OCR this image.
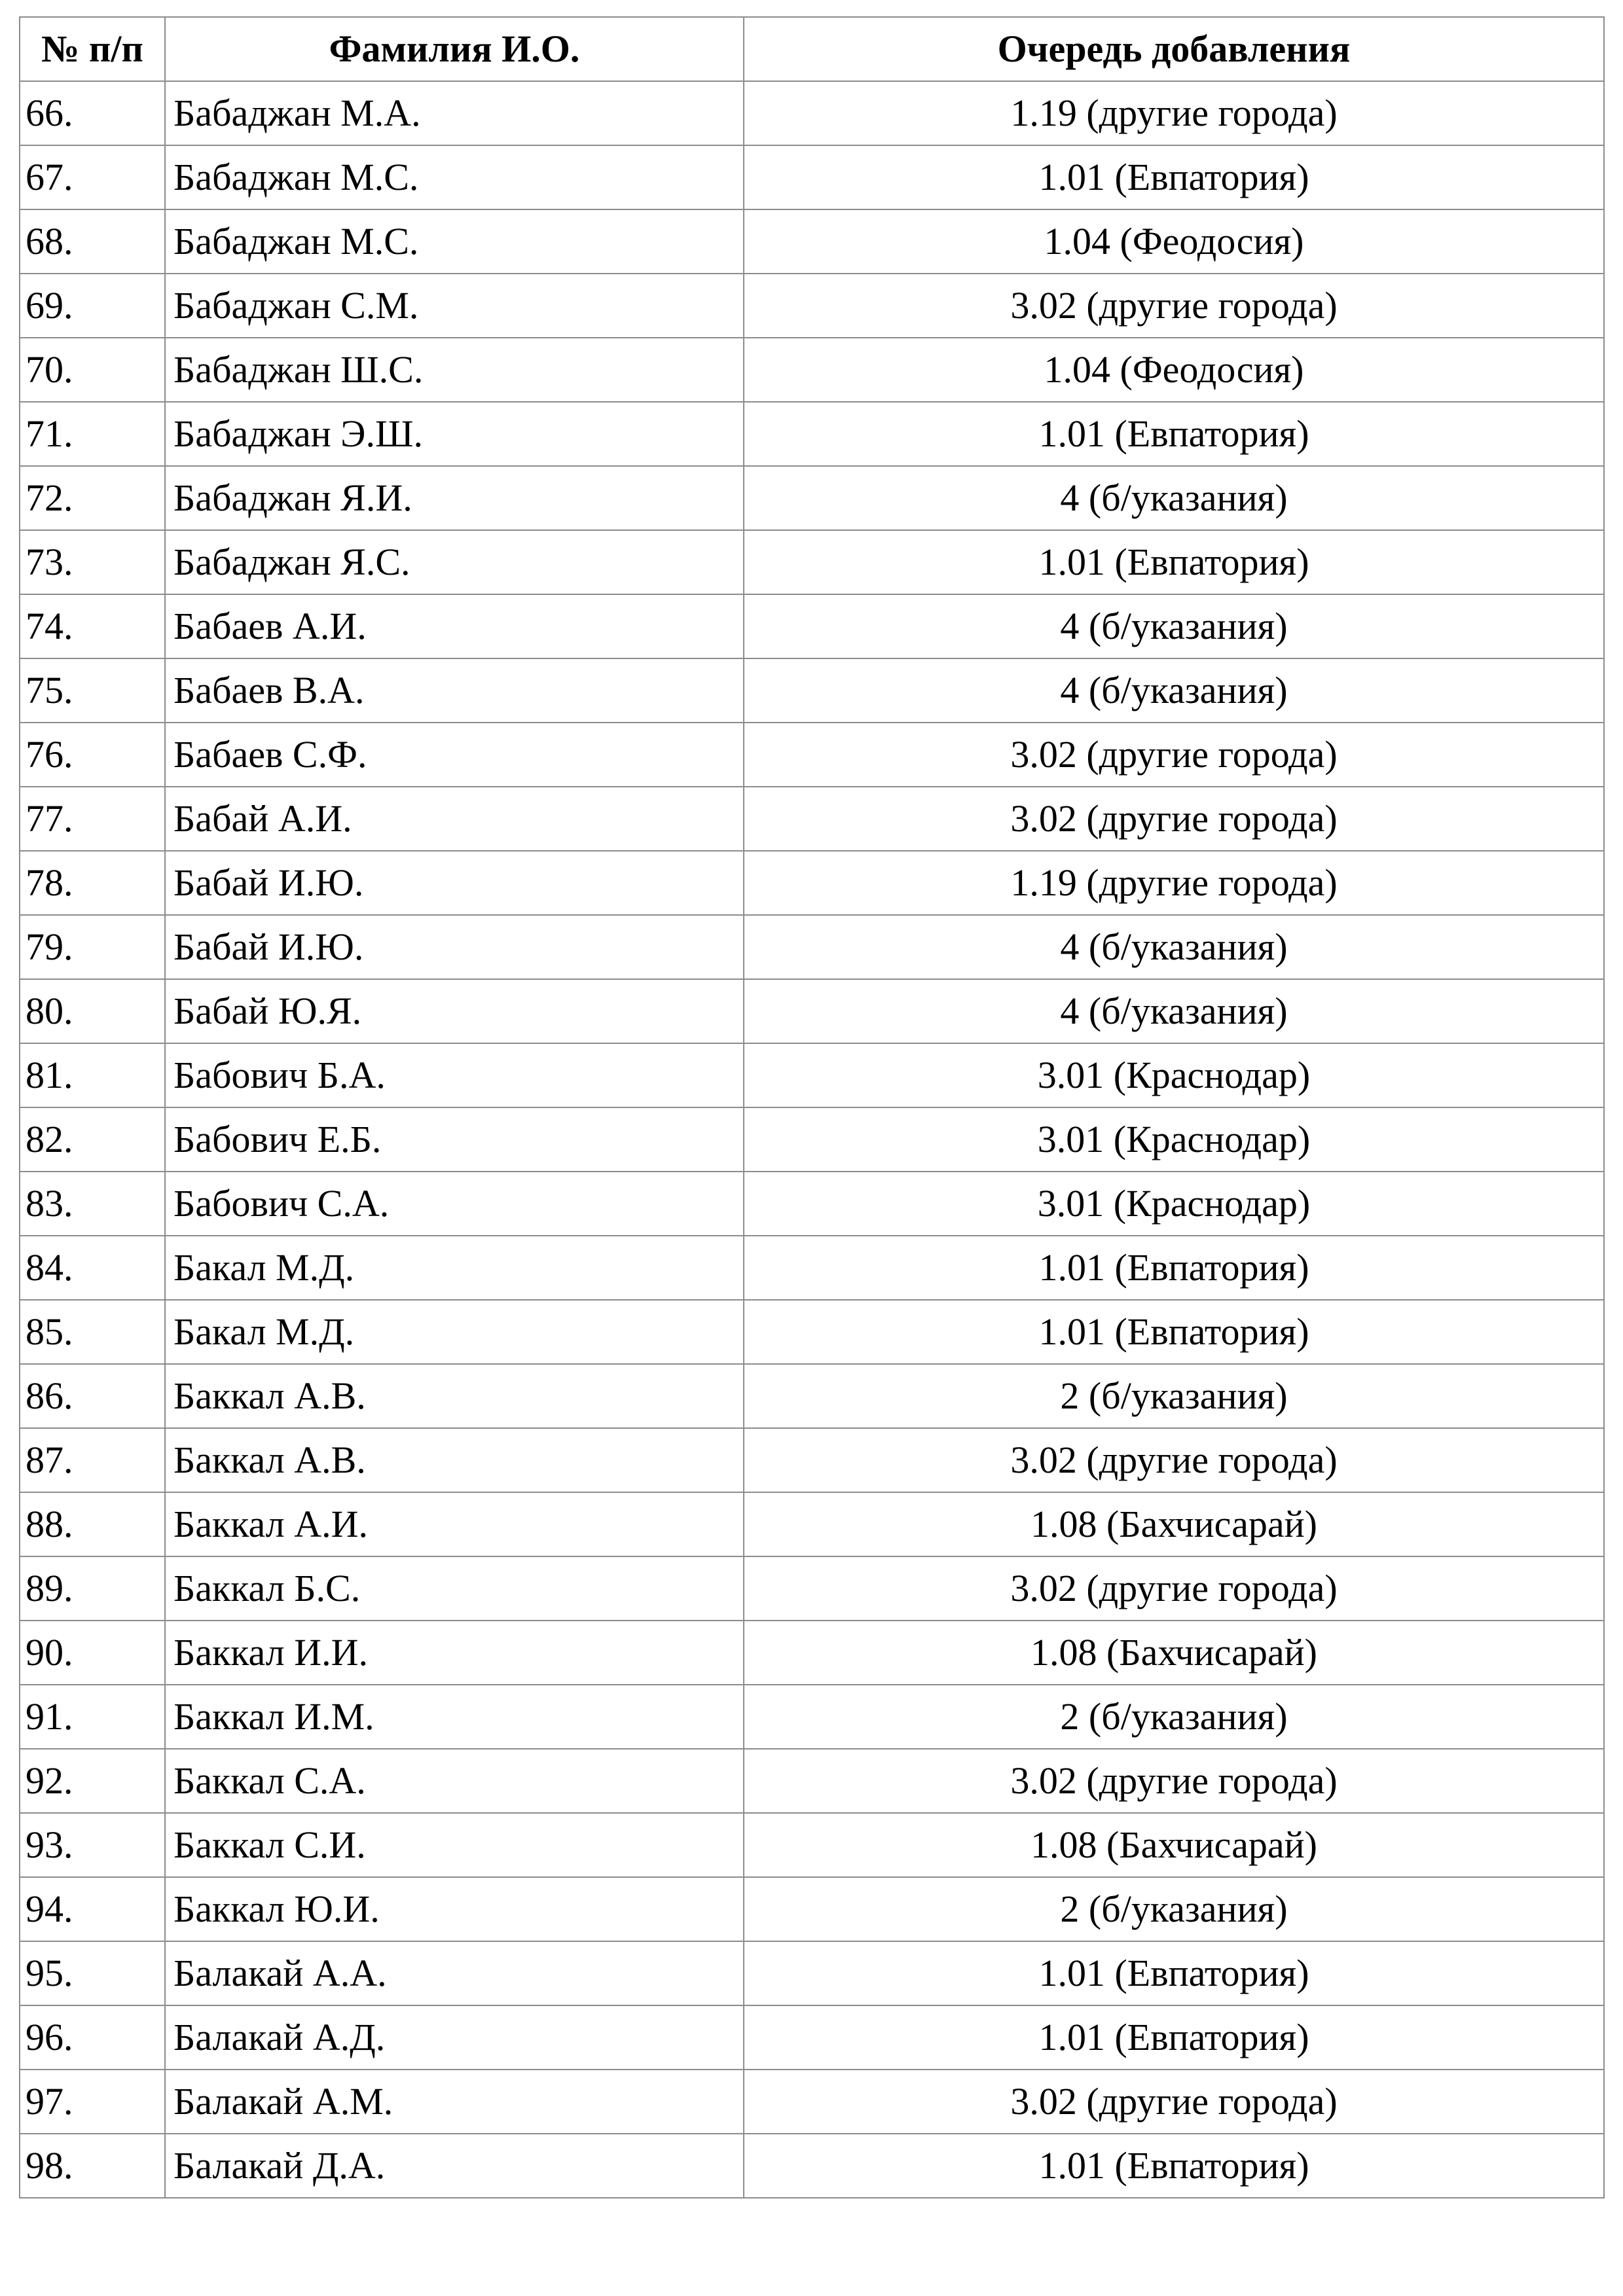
№ п/п	Фамилия И.О.	Очередь добавления
66.	Бабаджан М.А.	1.19 (другие города)
67.	Бабаджан М.С.	1.01 (Евпатория)
68.	Бабаджан М.С.	1.04 (Феодосия)
69.	Бабаджан С.М.	3.02 (другие города)
70.	Бабаджан Ш.С.	1.04 (Феодосия)
71.	Бабаджан Э.Ш.	1.01 (Евпатория)
72.	Бабаджан Я.И.	4 (б/указания)
73.	Бабаджан Я.С.	1.01 (Евпатория)
74.	Бабаев А.И.	4 (б/указания)
75.	Бабаев В.А.	4 (б/указания)
76.	Бабаев С.Ф.	3.02 (другие города)
77.	Бабай А.И.	3.02 (другие города)
78.	Бабай И.Ю.	1.19 (другие города)
79.	Бабай И.Ю.	4 (б/указания)
80.	Бабай Ю.Я.	4 (б/указания)
81.	Бабович Б.А.	3.01 (Краснодар)
82.	Бабович Е.Б.	3.01 (Краснодар)
83.	Бабович С.А.	3.01 (Краснодар)
84.	Бакал М.Д.	1.01 (Евпатория)
85.	Бакал М.Д.	1.01 (Евпатория)
86.	Баккал А.В.	2 (б/указания)
87.	Баккал А.В.	3.02 (другие города)
88.	Баккал А.И.	1.08 (Бахчисарай)
89.	Баккал Б.С.	3.02 (другие города)
90.	Баккал И.И.	1.08 (Бахчисарай)
91.	Баккал И.М.	2 (б/указания)
92.	Баккал С.А.	3.02 (другие города)
93.	Баккал С.И.	1.08 (Бахчисарай)
94.	Баккал Ю.И.	2 (б/указания)
95.	Балакай А.А.	1.01 (Евпатория)
96.	Балакай А.Д.	1.01 (Евпатория)
97.	Балакай А.М.	3.02 (другие города)
98.	Балакай Д.А.	1.01 (Евпатория)
